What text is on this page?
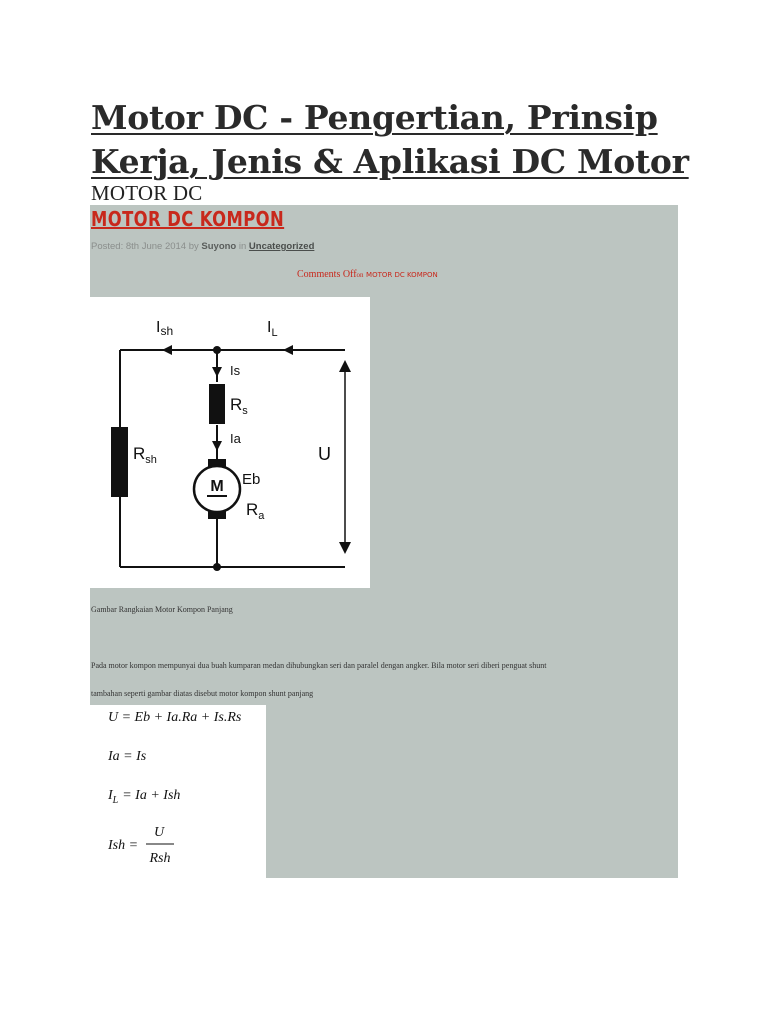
Motor DC - Pengertian, Prinsip Kerja, Jenis & Aplikasi DC Motor
MOTOR DC
MOTOR DC KOMPON
Posted: 8th June 2014 by Suyono in Uncategorized
Comments Offon MOTOR DC KOMPON
Ish	$I_L$
Is
$R_s$
Ia
$R_{sh}$
M Eb
$R_a$
U
Gambar Rangkaian Motor Kompon Panjang
Pada motor kompon mempunyai dua buah kumparan medan dihubungkan seri dan paralel dengan angker. Bila motor seri diberi penguat shunt
tambahan seperti gambar diatas disebut motor kompon shunt panjang
U = Eb + Ia.Ra + Is.Rs
Ia = Is
$I_L = Ia$ + Ish
Ish =
U
Rsh
